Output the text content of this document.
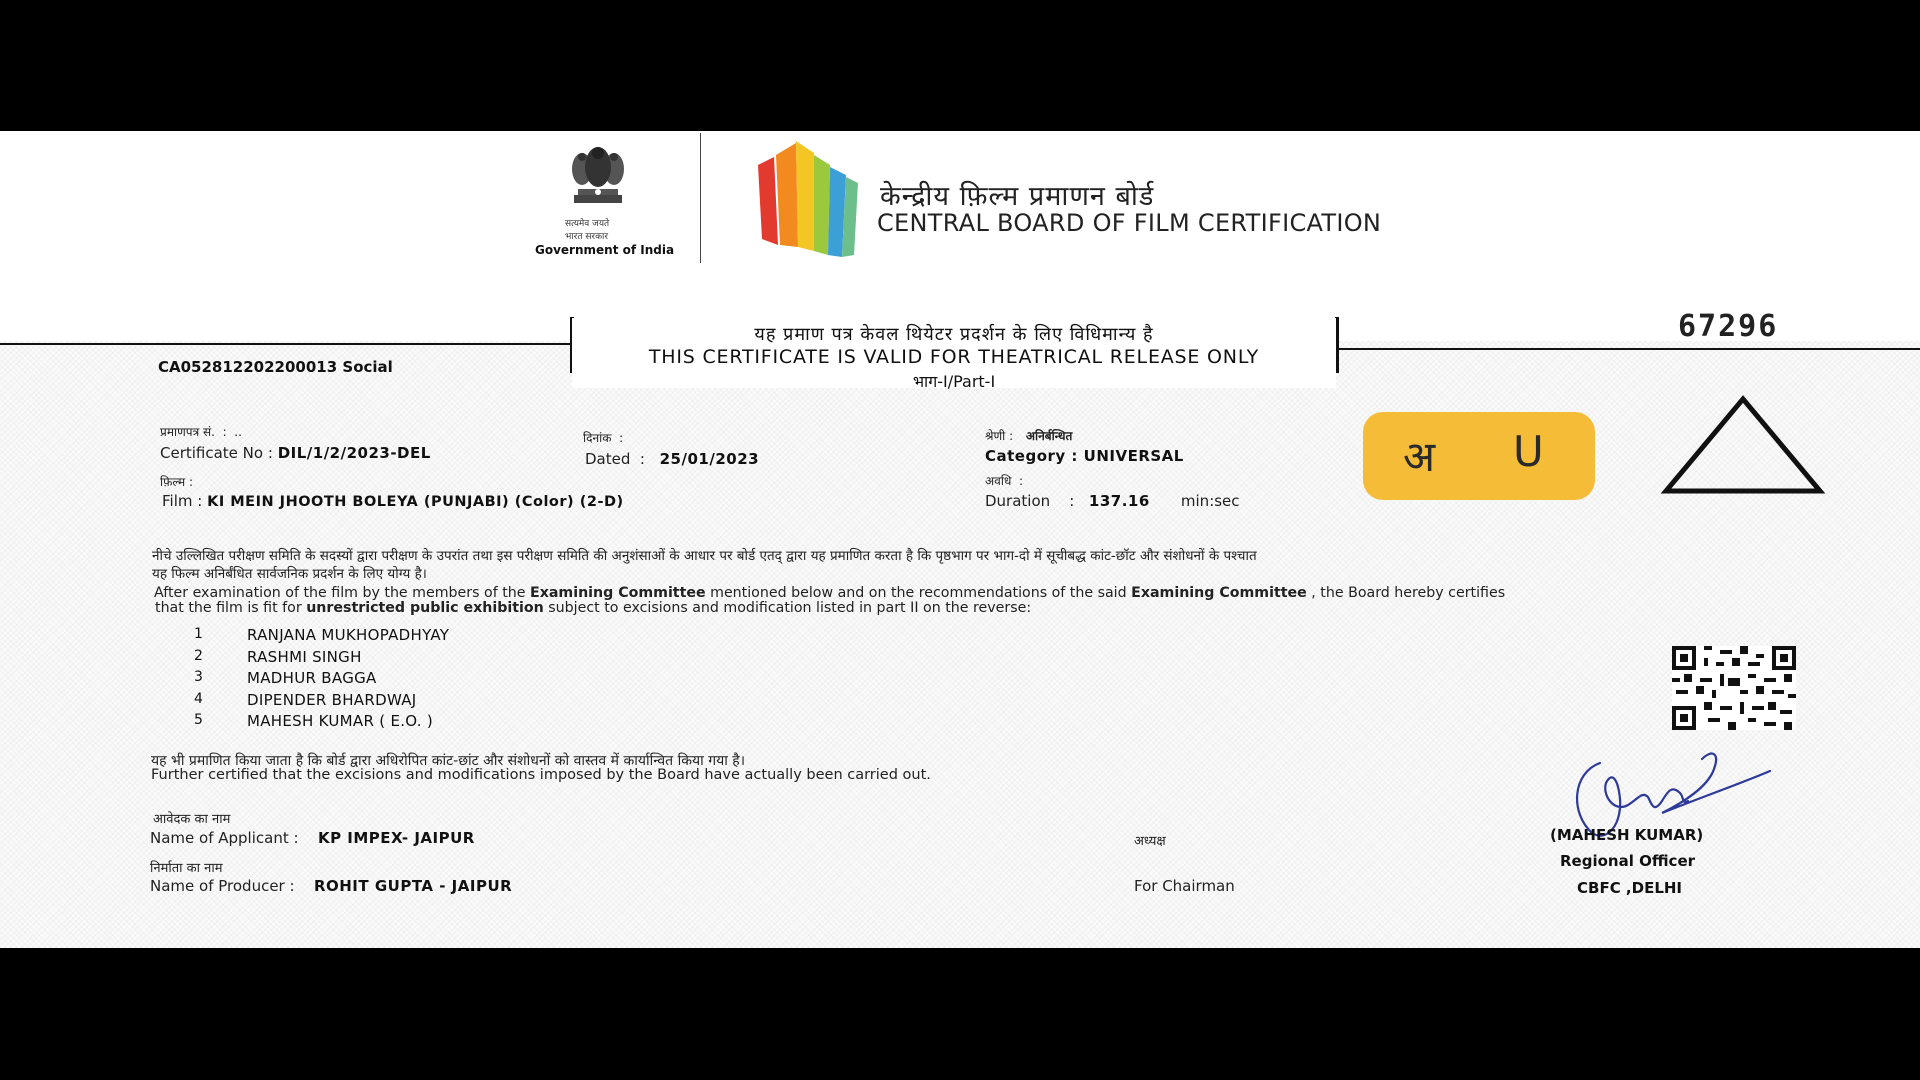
सत्यमेव जयते
भारत सरकार
Government of India
केन्द्रीय फ़िल्म प्रमाणन बोर्ड
CENTRAL BOARD OF FILM CERTIFICATION
यह प्रमाण पत्र केवल थियेटर प्रदर्शन के लिए विधिमान्य है
THIS CERTIFICATE IS VALID FOR THEATRICAL RELEASE ONLY
भाग-I/Part-I
67296
CA052812202200013 Social
प्रमाणपत्र सं.  :  ..
Certificate No : DIL/1/2/2023-DEL
दिनांक  :
Dated  :   25/01/2023
श्रेणी :   अनिर्बन्धित
Category : UNIVERSAL
फ़िल्म :
Film : KI MEIN JHOOTH BOLEYA (PUNJABI) (Color) (2-D)
अवधि  :
Duration    :   137.16 min:sec
अ U
नीचे उल्लिखित परीक्षण समिति के सदस्यों द्वारा परीक्षण के उपरांत तथा इस परीक्षण समिति की अनुशंसाओं के आधार पर बोर्ड एतद् द्वारा यह प्रमाणित करता है कि पृष्ठभाग पर भाग-दो में सूचीबद्ध कांट-छॉट और संशोधनों के पश्चात
यह फिल्म अनिर्बंधित सार्वजनिक प्रदर्शन के लिए योग्य है।
After examination of the film by the members of the Examining Committee mentioned below and on the recommendations of the said Examining Committee , the Board hereby certifies
that the film is fit for unrestricted public exhibition subject to excisions and modification listed in part II on the reverse:
1	RANJANA MUKHOPADHYAY
2	RASHMI SINGH
3	MADHUR BAGGA
4	DIPENDER BHARDWAJ
5	MAHESH KUMAR ( E.O. )
यह भी प्रमाणित किया जाता है कि बोर्ड द्वारा अधिरोपित कांट-छांट और संशोधनों को वास्तव में कार्यान्वित किया गया है।
Further certified that the excisions and modifications imposed by the Board have actually been carried out.
आवेदक का नाम
Name of Applicant :    KP IMPEX- JAIPUR
निर्माता का नाम
Name of Producer :    ROHIT GUPTA - JAIPUR
अध्यक्ष
For Chairman
(MAHESH KUMAR)
Regional Officer
CBFC ,DELHI
